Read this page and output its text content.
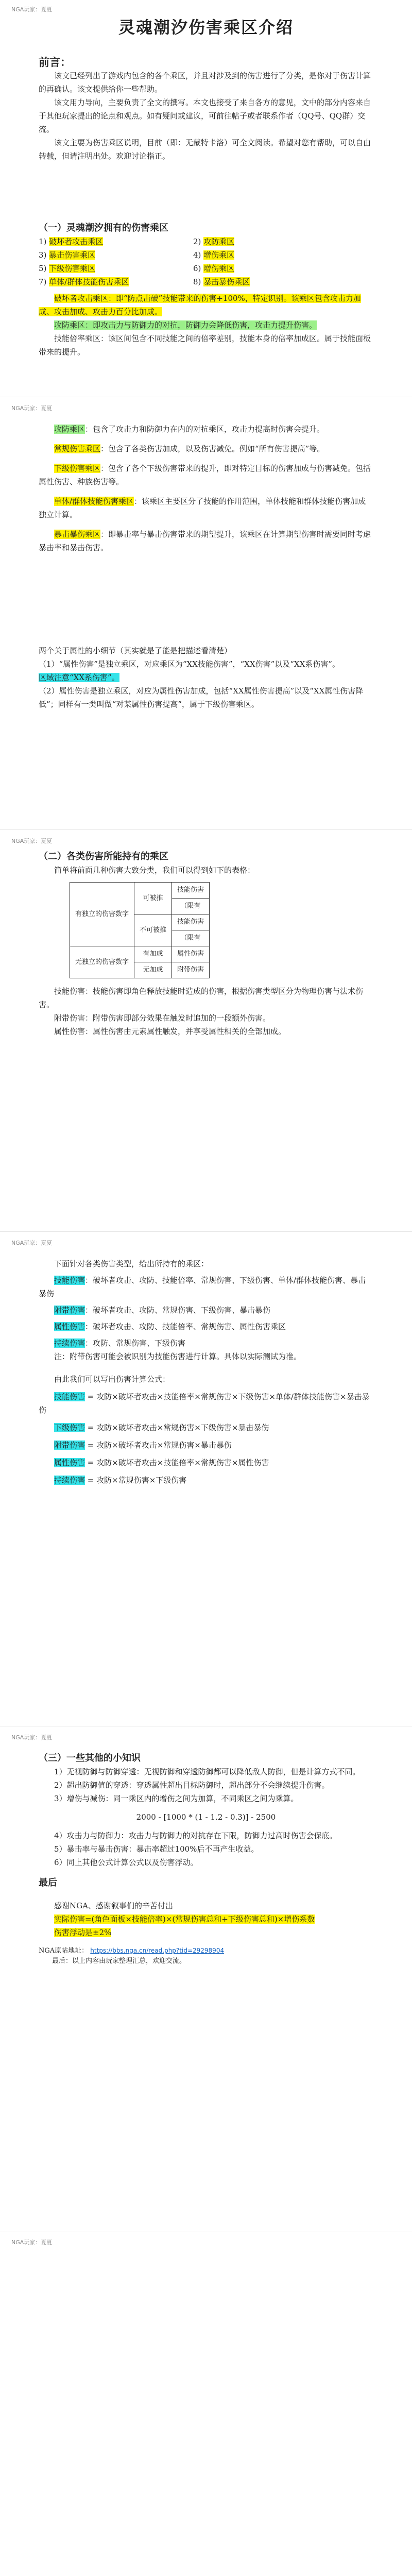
NGA玩家：夏夏
灵魂潮汐伤害乘区介绍
前言：

该文已经列出了游戏内包含的各个乘区，并且对涉及到的伤害进行了分类，是你对于伤害计算的再确认。该文提供给你一些帮助。

该文用力导向，主要负责了全文的撰写。本文也接受了来自各方的意见，文中的部分内容来自于其他玩家提出的论点和观点。如有疑问或建议，可前往帖子或者联系作者（QQ号、QQ群）交流。

该文主要为伤害乘区说明，目前（即：无蒙特卡洛）可全文阅读。希望对您有帮助，可以自由转载，但请注明出处。欢迎讨论指正。

（一）灵魂潮汐拥有的伤害乘区
1) 破坏者攻击乘区	2) 攻防乘区
3) 暴击伤害乘区	4) 增伤乘区
5) 下级伤害乘区	6) 增伤乘区
7) 单体/群体技能伤害乘区	8) 暴击暴伤乘区

破坏者攻击乘区：即“防点击破”技能带来的伤害+100%，特定识别。该乘区包含攻击力加成、攻击加成、攻击力百分比加成。

攻防乘区：即攻击力与防御力的对抗，防御力会降低伤害，攻击力提升伤害。

技能倍率乘区：该区间包含不同技能之间的倍率差别，技能本身的倍率加成区。属于技能面板带来的提升。

NGA玩家：夏夏

攻防乘区：包含了攻击力和防御力在内的对抗乘区，攻击力提高时伤害会提升。

常规伤害乘区：包含了各类伤害加成，以及伤害减免。例如“所有伤害提高”等。

下级伤害乘区：包含了各个下级伤害带来的提升，即对特定目标的伤害加成与伤害减免。包括属性伤害、种族伤害等。

单体/群体技能伤害乘区：该乘区主要区分了技能的作用范围，单体技能和群体技能伤害加成独立计算。

暴击暴伤乘区：即暴击率与暴击伤害带来的期望提升，该乘区在计算期望伤害时需要同时考虑暴击率和暴击伤害。

两个关于属性的小细节（其实就是了能是把描述看清楚）

（1）“属性伤害”是独立乘区，对应乘区为“XX技能伤害”，“XX伤害”以及“XX系伤害”。

区域注意“XX系伤害”。

（2）属性伤害是独立乘区，对应为属性伤害加成，包括“XX属性伤害提高”以及“XX属性伤害降低”；同样有一类叫做“对某属性伤害提高”，属于下级伤害乘区。

NGA玩家：夏夏
（二）各类伤害所能持有的乘区

简单将前面几种伤害大致分类，我们可以得到如下的表格：

有独立的伤害数字	可被推	技能伤害
		（限有
	不可被推	技能伤害
		（限有
无独立的伤害数字	有加成	属性伤害
	无加成	附带伤害

技能伤害：技能伤害即角色释放技能时造成的伤害，根据伤害类型区分为物理伤害与法术伤害。

附带伤害：附带伤害即部分效果在触发时追加的一段额外伤害。

属性伤害：属性伤害由元素属性触发，并享受属性相关的全部加成。

NGA玩家：夏夏

下面针对各类伤害类型，给出所持有的乘区：

技能伤害：破坏者攻击、攻防、技能倍率、常规伤害、下级伤害、单体/群体技能伤害、暴击暴伤

附带伤害：破坏者攻击、攻防、常规伤害、下级伤害、暴击暴伤

属性伤害：破坏者攻击、攻防、技能倍率、常规伤害、属性伤害乘区

持续伤害：攻防、常规伤害、下级伤害

注：附带伤害可能会被识别为技能伤害进行计算。具体以实际测试为准。

由此我们可以写出伤害计算公式：

技能伤害 = 攻防×破坏者攻击×技能倍率×常规伤害×下级伤害×单体/群体技能伤害×暴击暴伤

下级伤害 = 攻防×破坏者攻击×常规伤害×下级伤害×暴击暴伤

附带伤害 = 攻防×破坏者攻击×常规伤害×暴击暴伤

属性伤害 = 攻防×破坏者攻击×技能倍率×常规伤害×属性伤害

持续伤害 = 攻防×常规伤害×下级伤害

NGA玩家：夏夏
（三）一些其他的小知识

1）无视防御与防御穿透：无视防御和穿透防御都可以降低敌人防御，但是计算方式不同。

2）超出防御值的穿透：穿透属性超出目标防御时，超出部分不会继续提升伤害。

3）增伤与减伤：同一乘区内的增伤之间为加算，不同乘区之间为乘算。

2000 - [1000 * (1 - 1.2 - 0.3)] - 2500

4）攻击力与防御力：攻击力与防御力的对抗存在下限，防御力过高时伤害会保底。

5）暴击率与暴击伤害：暴击率超过100%后不再产生收益。

6）同上其他公式计算公式以及伤害浮动。

最后

感谢NGA、感谢叙事们的辛苦付出

实际伤害=(角色面板×技能倍率)×(常规伤害总和+下级伤害总和)×增伤系数

伤害浮动是±2%

NGA原帖地址： https://bbs.nga.cn/read.php?tid=29298904

最后：以上内容由玩家整理汇总，欢迎交流。

NGA玩家：夏夏
